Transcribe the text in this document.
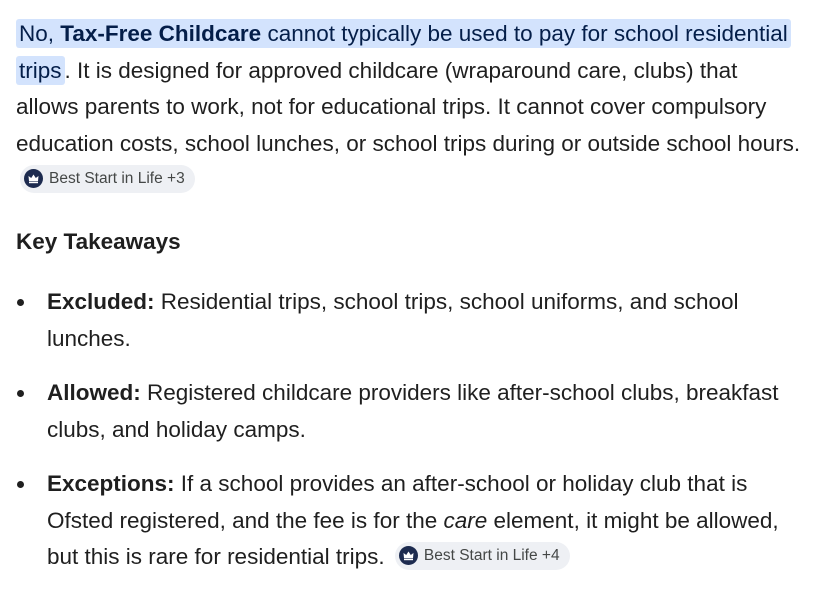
No, Tax-Free Childcare cannot typically be used to pay for school residential trips . It is designed for approved childcare (wraparound care, clubs) that allows parents to work, not for educational trips. It cannot cover compulsory education costs, school lunches, or school trips during or outside school hours.
Best Start in Life +3

Key Takeaways
Excluded: Residential trips, school trips, school uniforms, and school lunches.
Allowed: Registered childcare providers like after-school clubs, breakfast clubs, and holiday camps.
Exceptions: If a school provides an after-school or holiday club that is Ofsted registered, and the fee is for the care element, it might be allowed, but this is rare for residential trips. Best Start in Life +4
